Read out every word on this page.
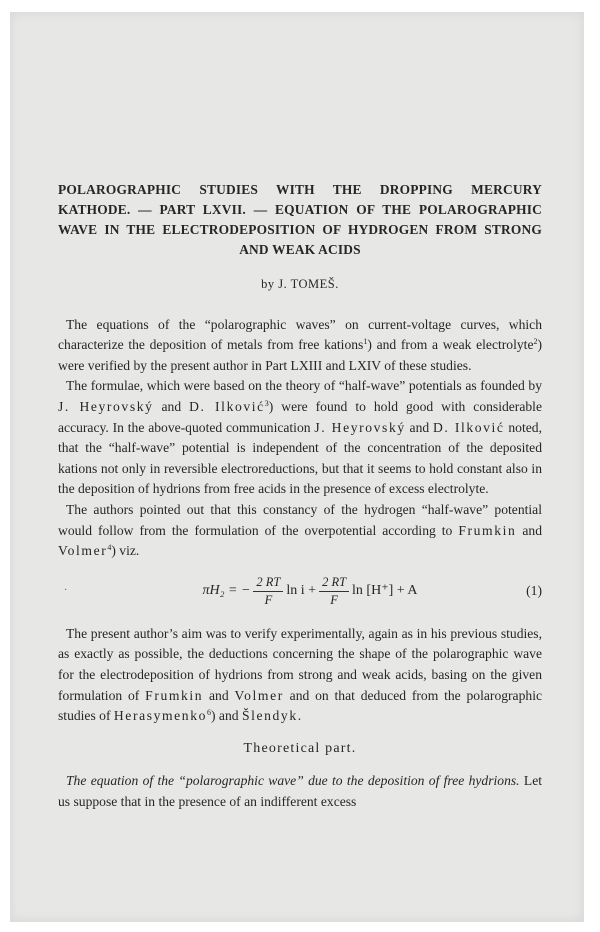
POLAROGRAPHIC STUDIES WITH THE DROPPING MERCURY KATHODE. — PART LXVII. — EQUATION OF THE POLAROGRAPHIC WAVE IN THE ELECTRODEPOSITION OF HYDROGEN FROM STRONG AND WEAK ACIDS
by J. TOMEŠ.

The equations of the “polarographic waves” on current-voltage curves, which characterize the deposition of metals from free kations$^1$) and from a weak electrolyte$^2$) were verified by the present author in Part LXIII and LXIV of these studies.

The formulae, which were based on the theory of “half-wave” potentials as founded by J. Heyrovský and D. Ilković$^3$) were found to hold good with considerable accuracy. In the above-quoted communication J. Heyrovský and D. Ilković noted, that the “half-wave” potential is independent of the concentration of the deposited kations not only in reversible electroreductions, but that it seems to hold constant also in the deposition of hydrions from free acids in the presence of excess electrolyte.

The authors pointed out that this constancy of the hydrogen “half-wave” potential would follow from the formulation of the overpotential according to Frumkin and Volmer$^4$) viz.

·	πH₂ = − $\frac{2 RT}{F}$ $\ln i + \frac{2 RT}{F}$ ln [H⁺] + A	(1)

The present author’s aim was to verify experimentally, again as in his previous studies, as exactly as possible, the deductions concerning the shape of the polarographic wave for the electrodeposition of hydrions from strong and weak acids, basing on the given formulation of Frumkin and Volmer and on that deduced from the polarographic studies of Herasymenko$^6$) and Šlendyk.

Theoretical part.

The equation of the “polarographic wave” due to the deposition of free hydrions. Let us suppose that in the presence of an indifferent excess
